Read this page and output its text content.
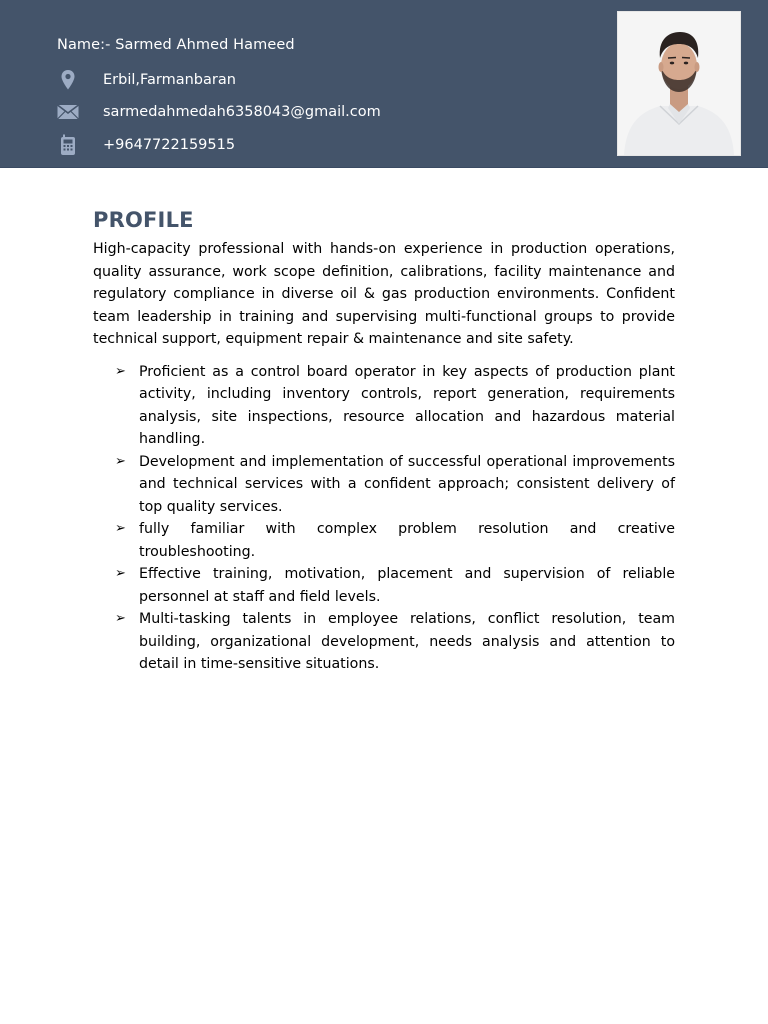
Name:- Sarmed Ahmed Hameed
Erbil,Farmanbaran
sarmedahmedah6358043@gmail.com
+9647722159515
PROFILE

High-capacity professional with hands-on experience in production operations, quality assurance, work scope definition, calibrations, facility maintenance and regulatory compliance in diverse oil & gas production environments. Confident team leadership in training and supervising multi-functional groups to provide technical support, equipment repair & maintenance and site safety.

➢ Proficient as a control board operator in key aspects of production plant activity, including inventory controls, report generation, requirements analysis, site inspections, resource allocation and hazardous material handling.
➢ Development and implementation of successful operational improvements and technical services with a confident approach; consistent delivery of top quality services.
➢ fully familiar with complex problem resolution and creative troubleshooting.
➢ Effective training, motivation, placement and supervision of reliable personnel at staff and field levels.
➢ Multi-tasking talents in employee relations, conflict resolution, team building, organizational development, needs analysis and attention to detail in time-sensitive situations.
